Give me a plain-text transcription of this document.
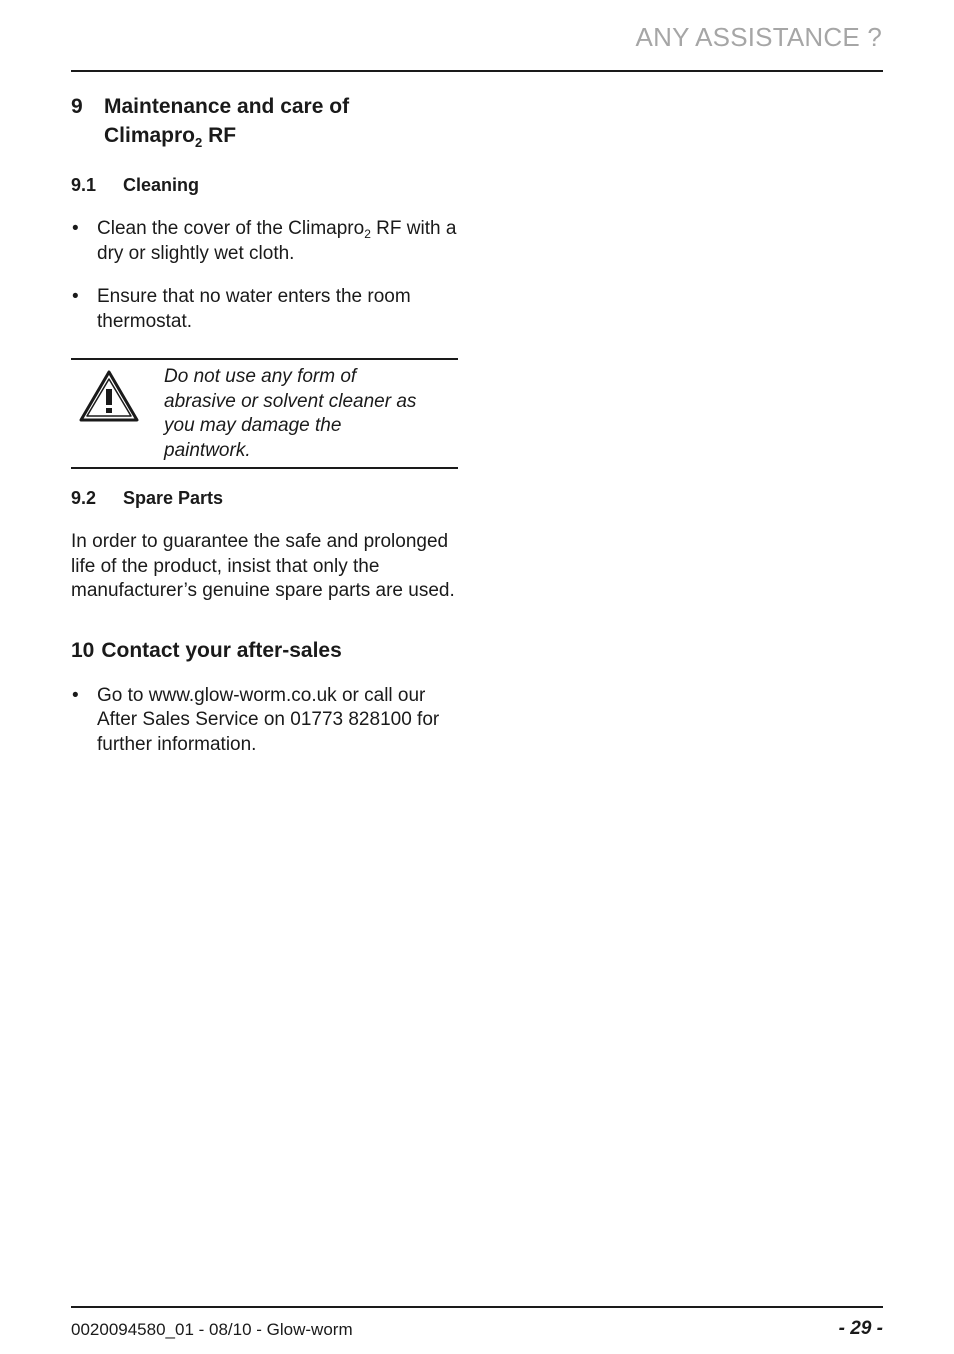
ANY ASSISTANCE ?
9	Maintenance and care of
Climapro$_2$ RF
9.1	Cleaning
• Clean the cover of the Climapro$_2$ RF with a dry or slightly wet cloth.
• Ensure that no water enters the room thermostat.
Do not use any form of abrasive or solvent cleaner as you may damage the paintwork.
9.2	Spare Parts

In order to guarantee the safe and prolonged life of the product, insist that only the manufacturer’s genuine spare parts are used.

10 Contact your after-sales
• Go to www.glow-worm.co.uk or call our After Sales Service on 01773 828100 for further information.
0020094580_01 - 08/10 - Glow-worm	- 29 -
